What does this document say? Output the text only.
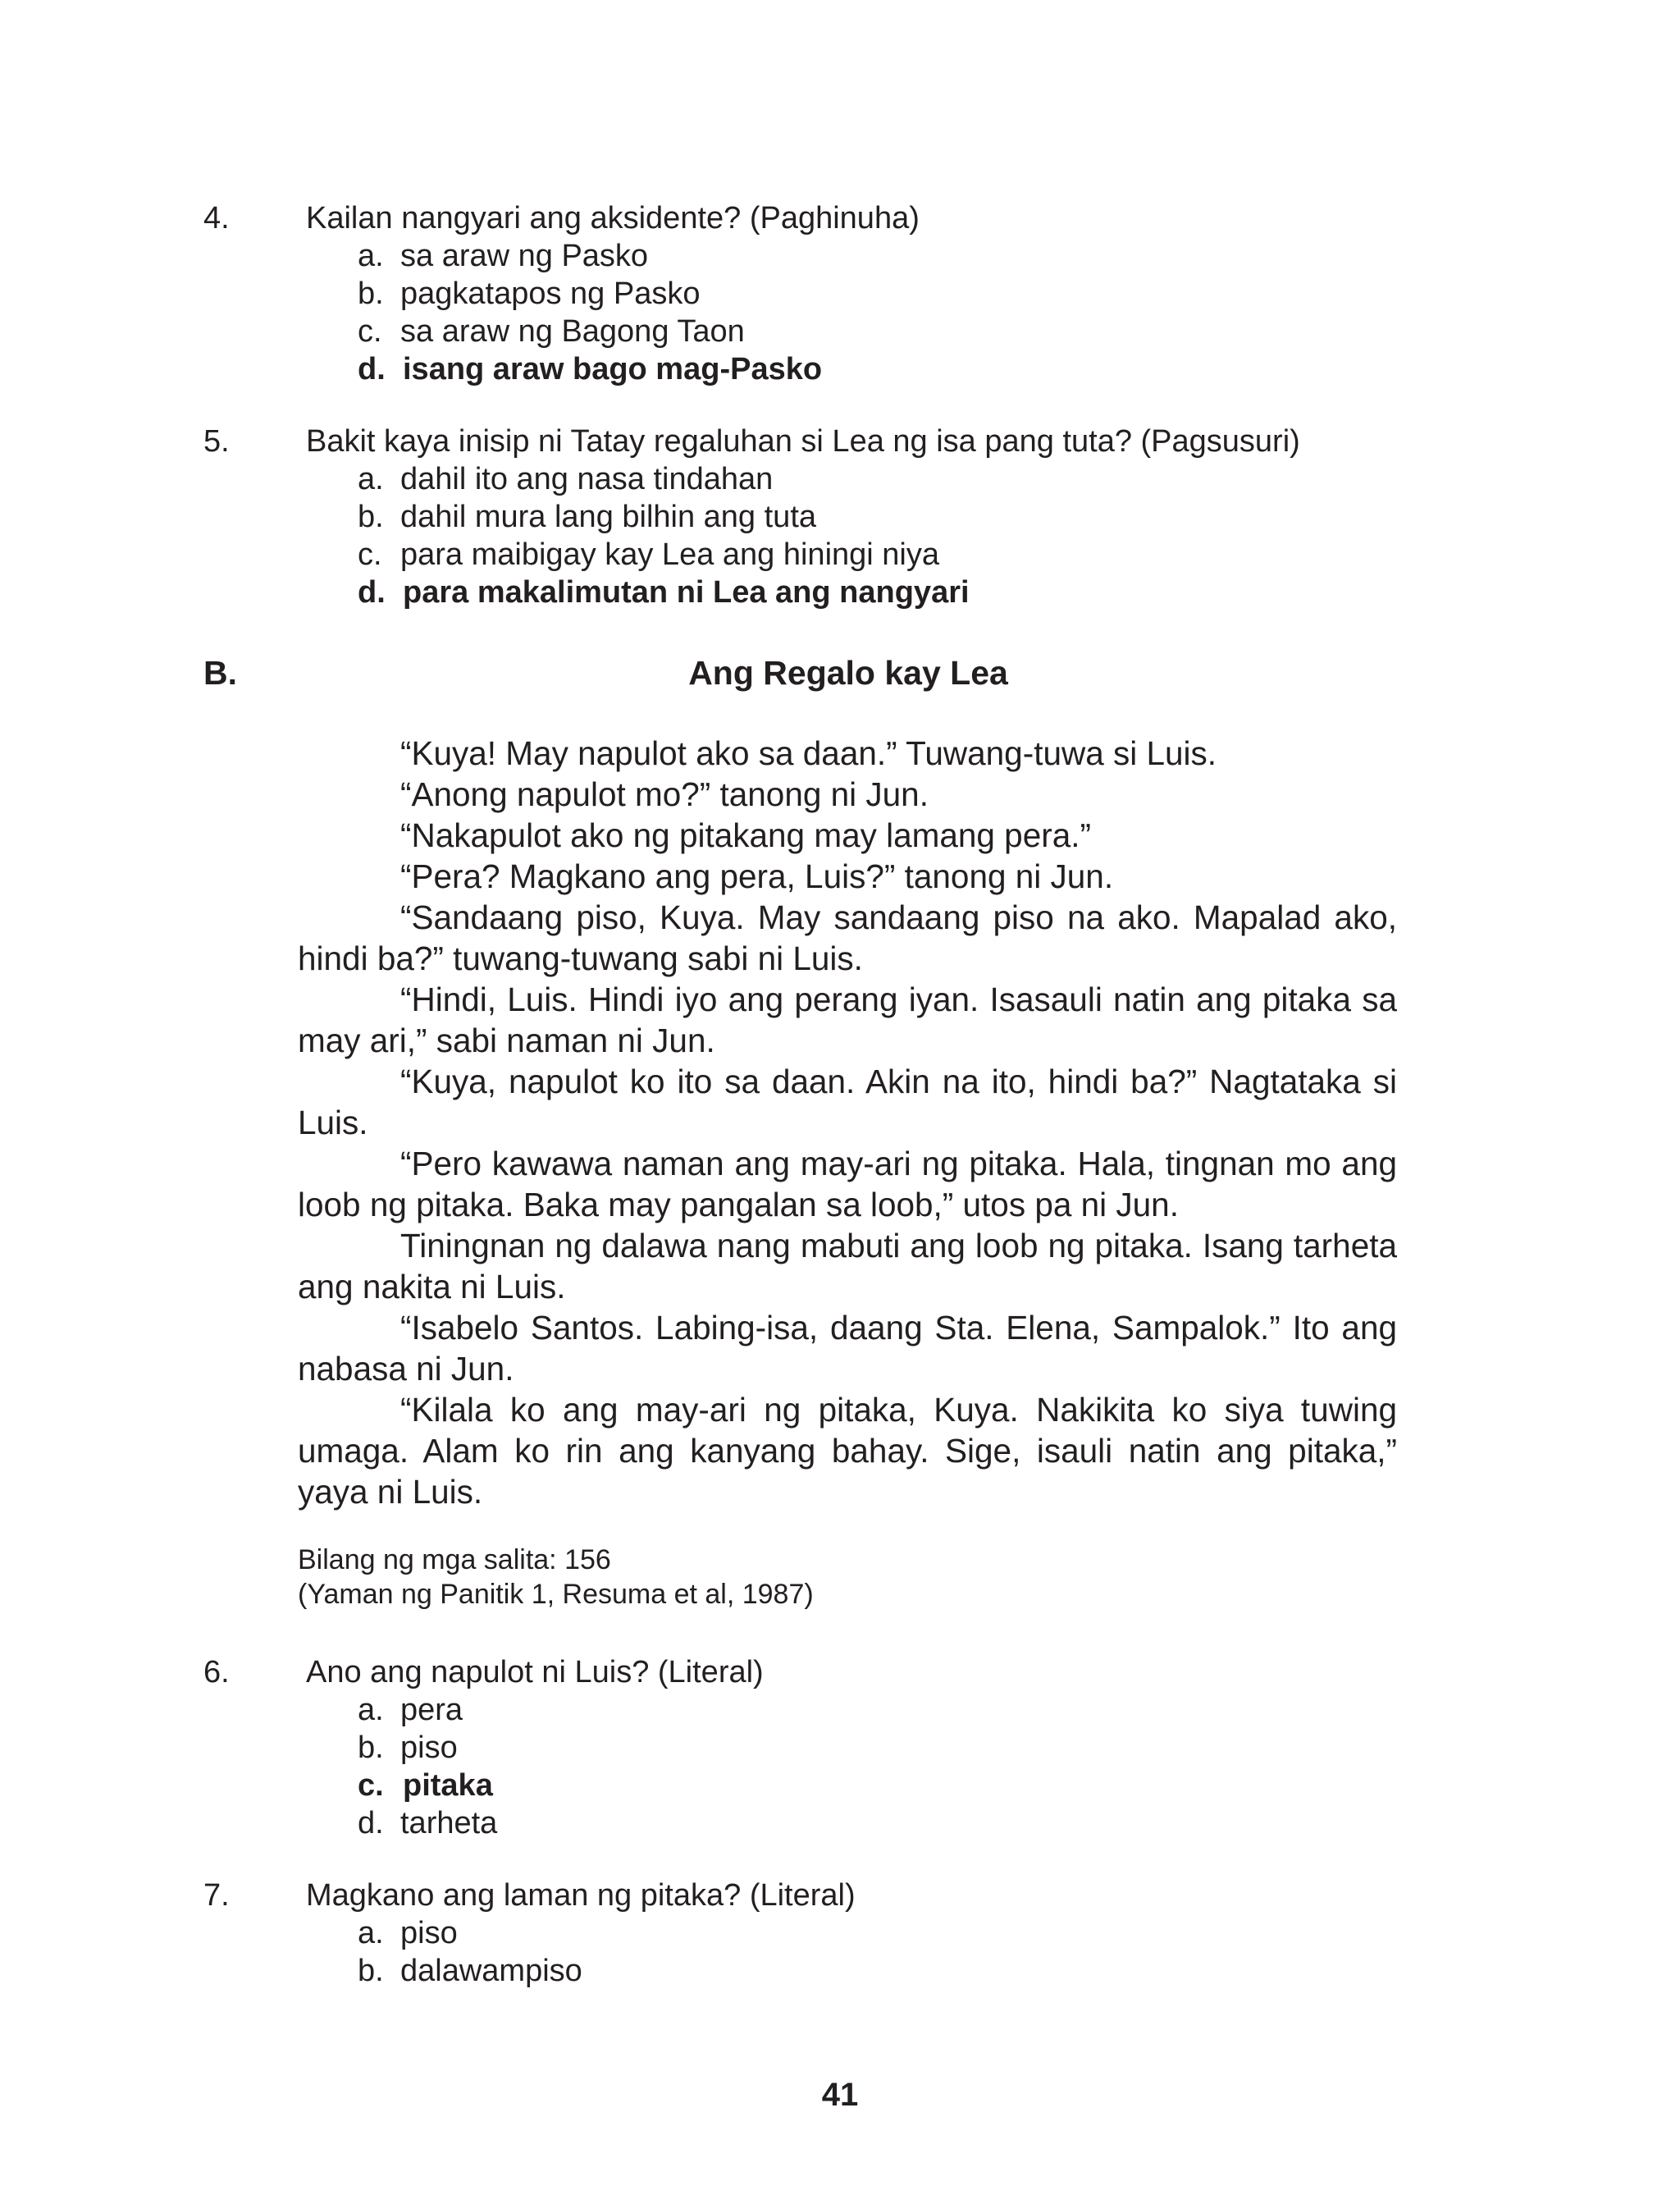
4. Kailan nangyari ang aksidente? (Paghinuha)
a. sa araw ng Pasko
b. pagkatapos ng Pasko
c. sa araw ng Bagong Taon
d. isang araw bago mag-Pasko
5. Bakit kaya inisip ni Tatay regaluhan si Lea ng isa pang tuta? (Pagsusuri)
a. dahil ito ang nasa tindahan
b. dahil mura lang bilhin ang tuta
c. para maibigay kay Lea ang hiningi niya
d. para makalimutan ni Lea ang nangyari
B.	Ang Regalo kay Lea

“Kuya! May napulot ako sa daan.” Tuwang-tuwa si Luis.

“Anong napulot mo?” tanong ni Jun.

“Nakapulot ako ng pitakang may lamang pera.”

“Pera? Magkano ang pera, Luis?” tanong ni Jun.

“Sandaang piso, Kuya. May sandaang piso na ako. Mapalad ako, hindi ba?” tuwang-tuwang sabi ni Luis.

“Hindi, Luis. Hindi iyo ang perang iyan. Isasauli natin ang pitaka sa may ari,” sabi naman ni Jun.

“Kuya, napulot ko ito sa daan. Akin na ito, hindi ba?” Nagtataka si Luis.

“Pero kawawa naman ang may-ari ng pitaka. Hala, tingnan mo ang loob ng pitaka. Baka may pangalan sa loob,” utos pa ni Jun.

Tiningnan ng dalawa nang mabuti ang loob ng pitaka. Isang tarheta ang nakita ni Luis.

“Isabelo Santos. Labing-isa, daang Sta. Elena, Sampalok.” Ito ang nabasa ni Jun.

“Kilala ko ang may-ari ng pitaka, Kuya. Nakikita ko siya tuwing umaga. Alam ko rin ang kanyang bahay. Sige, isauli natin ang pitaka,” yaya ni Luis.

Bilang ng mga salita: 156
(Yaman ng Panitik 1, Resuma et al, 1987)
6. Ano ang napulot ni Luis? (Literal)
a. pera
b. piso
c. pitaka
d. tarheta
7. Magkano ang laman ng pitaka? (Literal)
a. piso
b. dalawampiso
41
